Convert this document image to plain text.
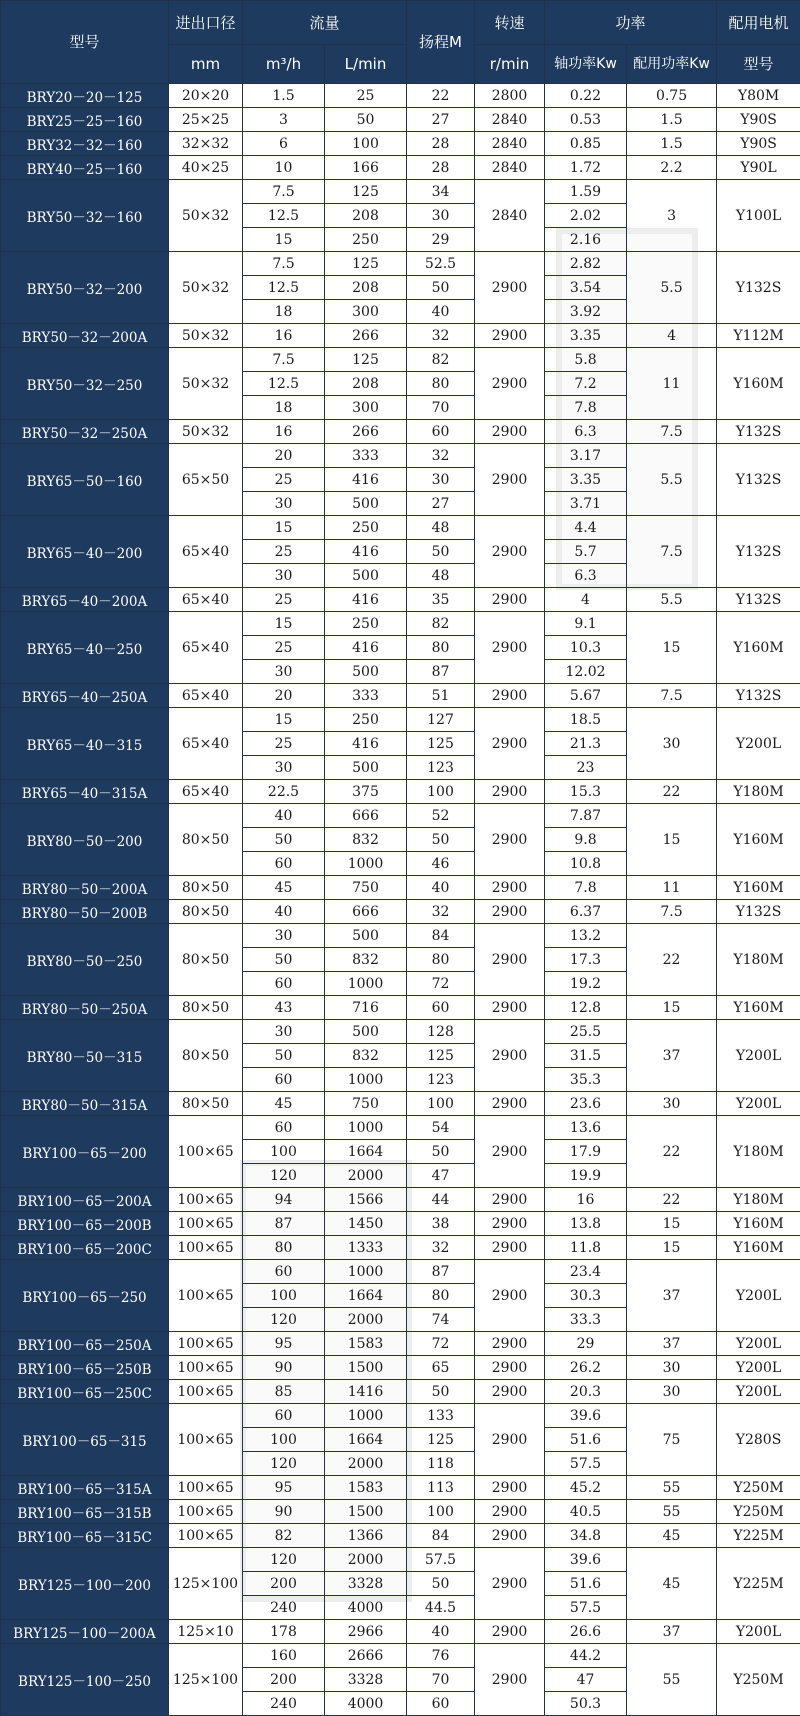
型号	进出口径	流量		扬程M	转速	功率		配用电机
	mm	m³/h	L/min		r/min	轴功率Kw	配用功率Kw	型号
BRY20－20－125	20×20	1.5	25	22	2800	0.22	0.75	Y80M
BRY25－25－160	25×25	3	50	27	2840	0.53	1.5	Y90S
BRY32－32－160	32×32	6	100	28	2840	0.85	1.5	Y90S
BRY40－25－160	40×25	10	166	28	2840	1.72	2.2	Y90L
BRY50－32－160	50×32	7.5	125	34	2840	1.59	3	Y100L
		12.5	208	30		2.02		
		15	250	29		2.16		
BRY50－32－200	50×32	7.5	125	52.5	2900	2.82	5.5	Y132S
		12.5	208	50		3.54		
		18	300	40		3.92		
BRY50－32－200A	50×32	16	266	32	2900	3.35	4	Y112M
BRY50－32－250	50×32	7.5	125	82	2900	5.8	11	Y160M
		12.5	208	80		7.2		
		18	300	70		7.8		
BRY50－32－250A	50×32	16	266	60	2900	6.3	7.5	Y132S
BRY65－50－160	65×50	20	333	32	2900	3.17	5.5	Y132S
		25	416	30		3.35		
		30	500	27		3.71		
BRY65－40－200	65×40	15	250	48	2900	4.4	7.5	Y132S
		25	416	50		5.7		
		30	500	48		6.3		
BRY65－40－200A	65×40	25	416	35	2900	4	5.5	Y132S
BRY65－40－250	65×40	15	250	82	2900	9.1	15	Y160M
		25	416	80		10.3		
		30	500	87		12.02		
BRY65－40－250A	65×40	20	333	51	2900	5.67	7.5	Y132S
BRY65－40－315	65×40	15	250	127	2900	18.5	30	Y200L
		25	416	125		21.3		
		30	500	123		23		
BRY65－40－315A	65×40	22.5	375	100	2900	15.3	22	Y180M
BRY80－50－200	80×50	40	666	52	2900	7.87	15	Y160M
		50	832	50		9.8		
		60	1000	46		10.8		
BRY80－50－200A	80×50	45	750	40	2900	7.8	11	Y160M
BRY80－50－200B	80×50	40	666	32	2900	6.37	7.5	Y132S
BRY80－50－250	80×50	30	500	84	2900	13.2	22	Y180M
		50	832	80		17.3		
		60	1000	72		19.2		
BRY80－50－250A	80×50	43	716	60	2900	12.8	15	Y160M
BRY80－50－315	80×50	30	500	128	2900	25.5	37	Y200L
		50	832	125		31.5		
		60	1000	123		35.3		
BRY80－50－315A	80×50	45	750	100	2900	23.6	30	Y200L
BRY100－65－200	100×65	60	1000	54	2900	13.6	22	Y180M
		100	1664	50		17.9		
		120	2000	47		19.9		
BRY100－65－200A	100×65	94	1566	44	2900	16	22	Y180M
BRY100－65－200B	100×65	87	1450	38	2900	13.8	15	Y160M
BRY100－65－200C	100×65	80	1333	32	2900	11.8	15	Y160M
BRY100－65－250	100×65	60	1000	87	2900	23.4	37	Y200L
		100	1664	80		30.3		
		120	2000	74		33.3		
BRY100－65－250A	100×65	95	1583	72	2900	29	37	Y200L
BRY100－65－250B	100×65	90	1500	65	2900	26.2	30	Y200L
BRY100－65－250C	100×65	85	1416	50	2900	20.3	30	Y200L
BRY100－65－315	100×65	60	1000	133	2900	39.6	75	Y280S
		100	1664	125		51.6		
		120	2000	118		57.5		
BRY100－65－315A	100×65	95	1583	113	2900	45.2	55	Y250M
BRY100－65－315B	100×65	90	1500	100	2900	40.5	55	Y250M
BRY100－65－315C	100×65	82	1366	84	2900	34.8	45	Y225M
BRY125－100－200	125×100	120	2000	57.5	2900	39.6	45	Y225M
		200	3328	50		51.6		
		240	4000	44.5		57.5		
BRY125－100－200A	125×10	178	2966	40	2900	26.6	37	Y200L
BRY125－100－250	125×100	160	2666	76	2900	44.2	55	Y250M
		200	3328	70		47		
		240	4000	60		50.3		
